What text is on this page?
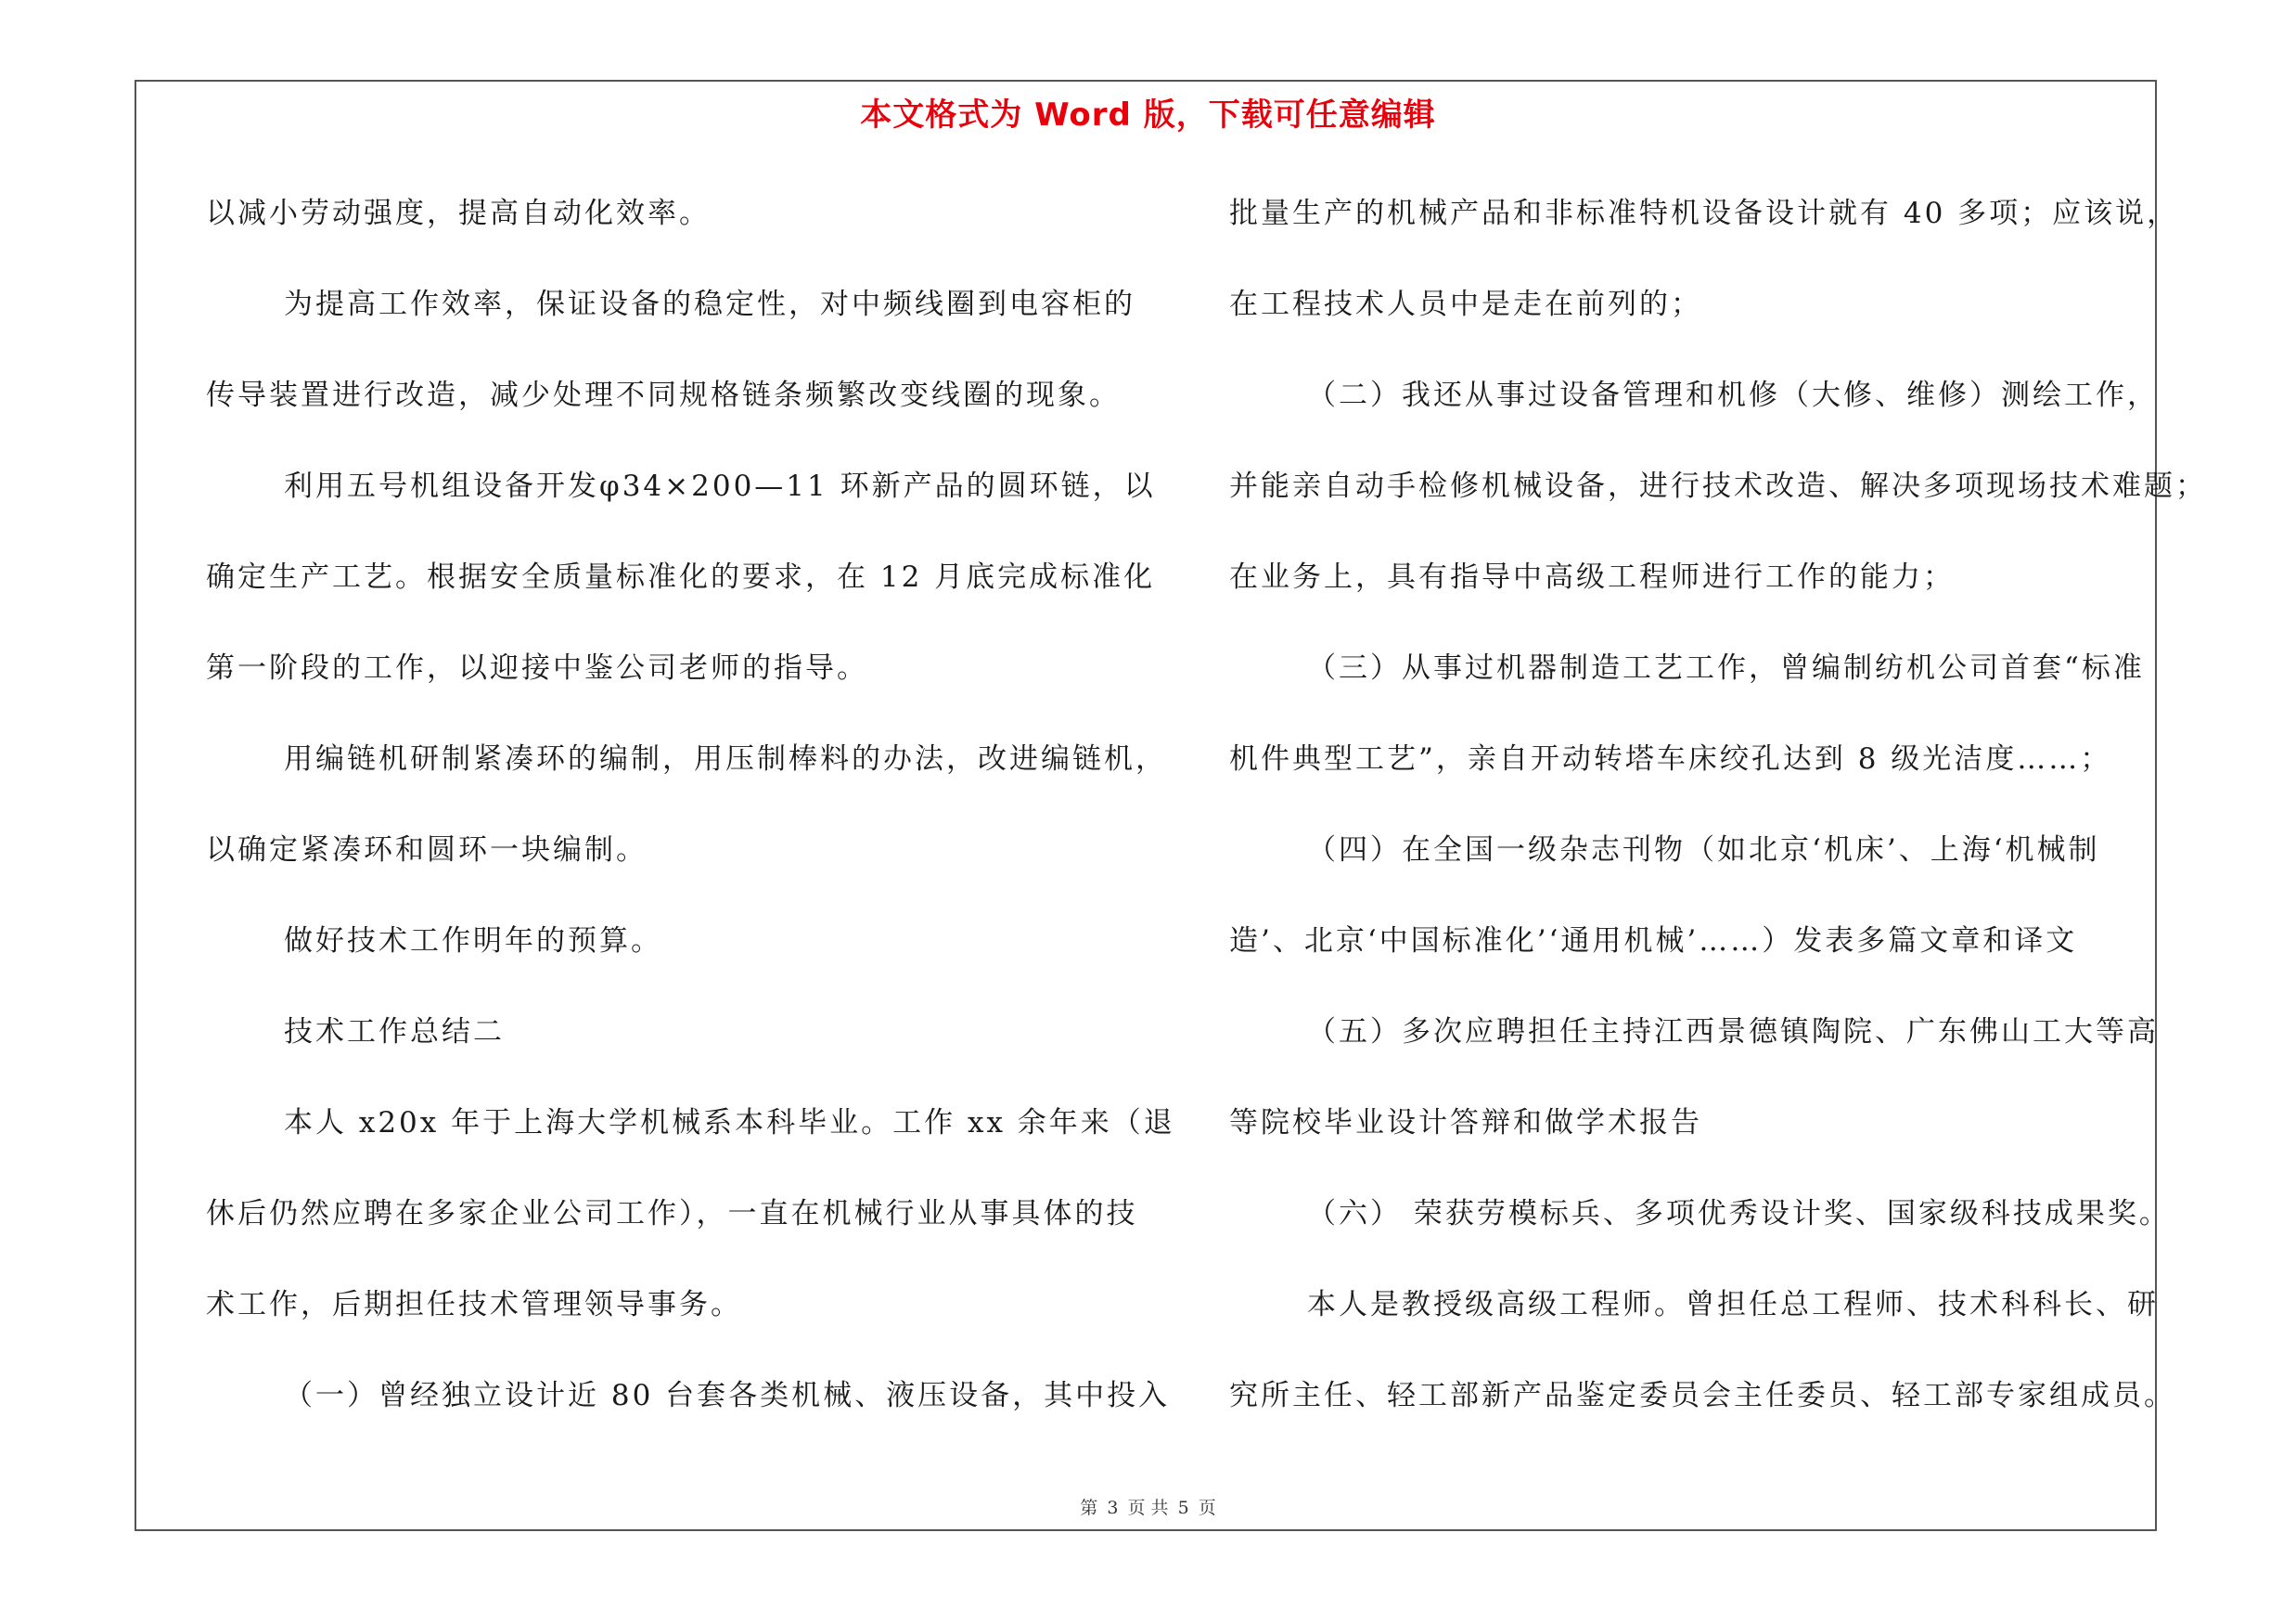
本文格式为 Word 版，下载可任意编辑
以减小劳动强度，提高自动化效率。
为提高工作效率，保证设备的稳定性，对中频线圈到电容柜的
传导装置进行改造，减少处理不同规格链条频繁改变线圈的现象。
利用五号机组设备开发φ34×200—11 环新产品的圆环链，以
确定生产工艺。根据安全质量标准化的要求，在 12 月底完成标准化
第一阶段的工作，以迎接中鉴公司老师的指导。
用编链机研制紧凑环的编制，用压制棒料的办法，改进编链机，
以确定紧凑环和圆环一块编制。
做好技术工作明年的预算。
技术工作总结二
本人 x20x 年于上海大学机械系本科毕业。工作 xx 余年来（退
休后仍然应聘在多家企业公司工作），一直在机械行业从事具体的技
术工作，后期担任技术管理领导事务。
（一）曾经独立设计近 80 台套各类机械、液压设备，其中投入
批量生产的机械产品和非标准特机设备设计就有 40 多项；应该说，
在工程技术人员中是走在前列的；
（二）我还从事过设备管理和机修（大修、维修）测绘工作，
并能亲自动手检修机械设备，进行技术改造、解决多项现场技术难题；
在业务上，具有指导中高级工程师进行工作的能力；
（三）从事过机器制造工艺工作，曾编制纺机公司首套“标准
机件典型工艺”，亲自开动转塔车床绞孔达到 8 级光洁度……；
（四）在全国一级杂志刊物（如北京‘机床’、上海‘机械制
造’、北京‘中国标准化’‘通用机械’……）发表多篇文章和译文
（五）多次应聘担任主持江西景德镇陶院、广东佛山工大等高
等院校毕业设计答辩和做学术报告
（六） 荣获劳模标兵、多项优秀设计奖、国家级科技成果奖。
本人是教授级高级工程师。曾担任总工程师、技术科科长、研
究所主任、轻工部新产品鉴定委员会主任委员、轻工部专家组成员。
第 3 页 共 5 页
